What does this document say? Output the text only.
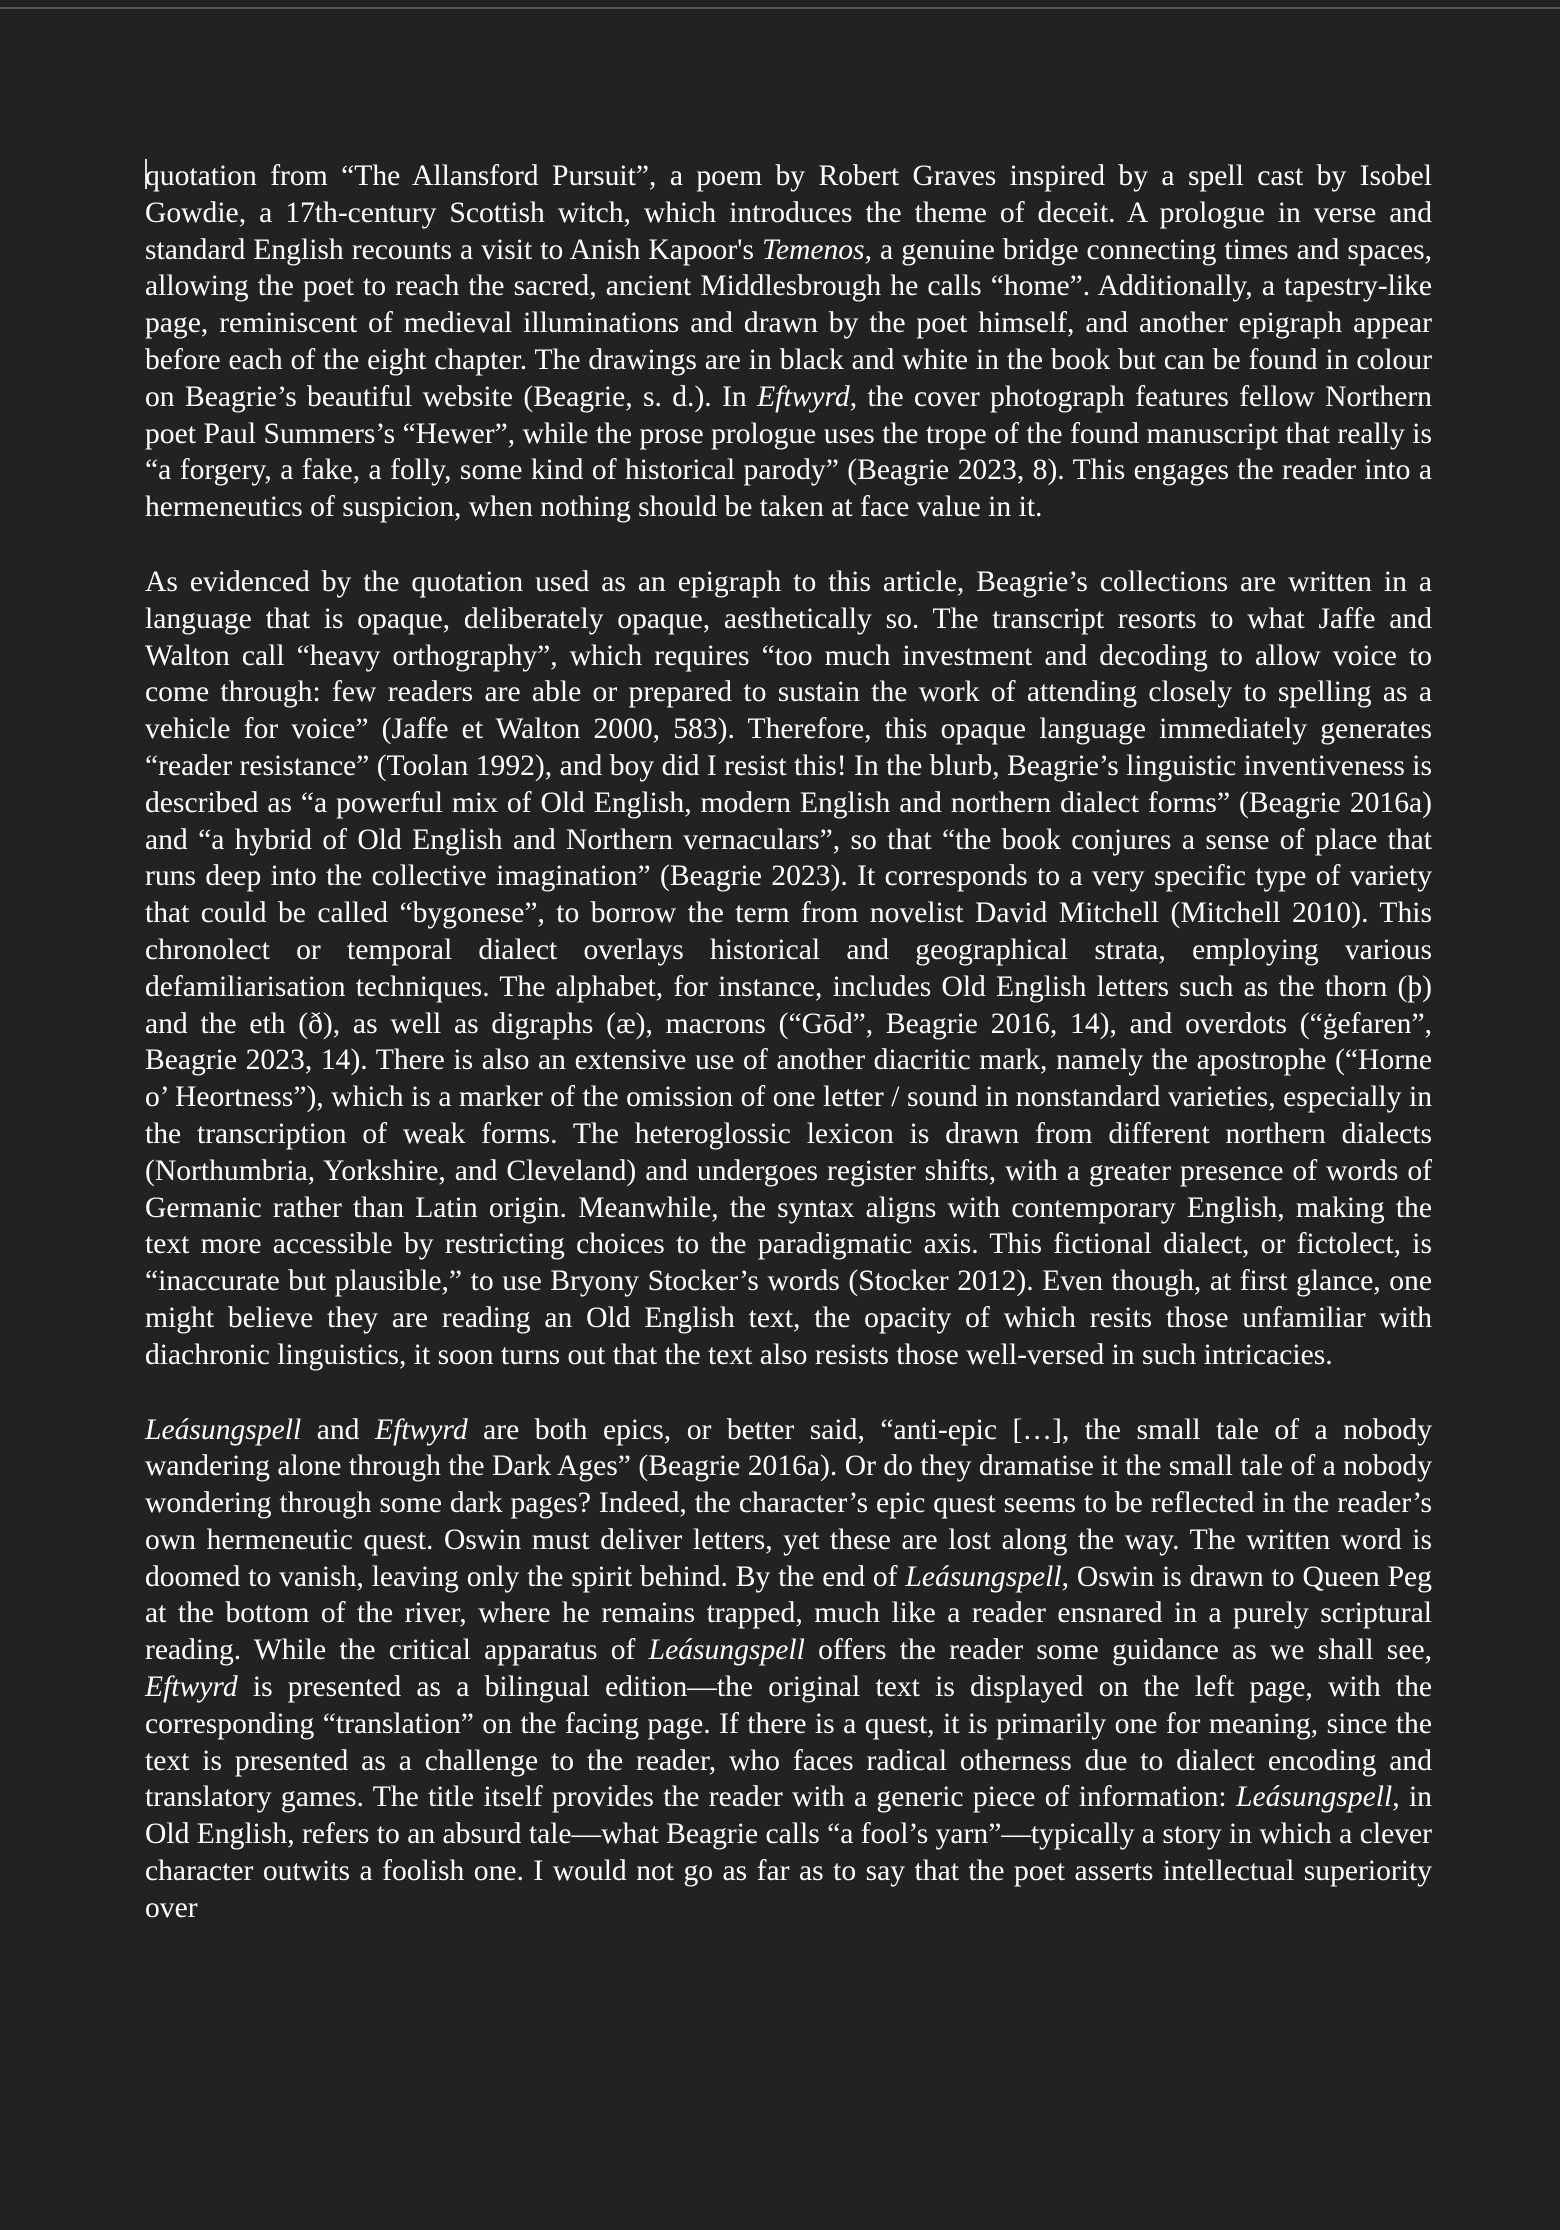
quotation from “The Allansford Pursuit”, a poem by Robert Graves inspired by a spell cast by Isobel Gowdie, a 17th-century Scottish witch, which introduces the theme of deceit. A prologue in verse and standard English recounts a visit to Anish Kapoor's Temenos, a genuine bridge connecting times and spaces, allowing the poet to reach the sacred, ancient Middlesbrough he calls “home”. Additionally, a tapestry-like page, reminiscent of medieval illuminations and drawn by the poet himself, and another epigraph appear before each of the eight chapter. The drawings are in black and white in the book but can be found in colour on Beagrie’s beautiful website (Beagrie, s. d.). In Eftwyrd, the cover photograph features fellow Northern poet Paul Summers’s “Hewer”, while the prose prologue uses the trope of the found manuscript that really is “a forgery, a fake, a folly, some kind of historical parody” (Beagrie 2023, 8). This engages the reader into a hermeneutics of suspicion, when nothing should be taken at face value in it.

As evidenced by the quotation used as an epigraph to this article, Beagrie’s collections are written in a language that is opaque, deliberately opaque, aesthetically so. The transcript resorts to what Jaffe and Walton call “heavy orthography”, which requires “too much investment and decoding to allow voice to come through: few readers are able or prepared to sustain the work of attending closely to spelling as a vehicle for voice” (Jaffe et Walton 2000, 583). Therefore, this opaque language immediately generates “reader resistance” (Toolan 1992), and boy did I resist this! In the blurb, Beagrie’s linguistic inventiveness is described as “a powerful mix of Old English, modern English and northern dialect forms” (Beagrie 2016a) and “a hybrid of Old English and Northern vernaculars”, so that “the book conjures a sense of place that runs deep into the collective imagination” (Beagrie 2023). It corresponds to a very specific type of variety that could be called “bygonese”, to borrow the term from novelist David Mitchell (Mitchell 2010). This chronolect or temporal dialect overlays historical and geographical strata, employing various defamiliarisation techniques. The alphabet, for instance, includes Old English letters such as the thorn (þ) and the eth (ð), as well as digraphs (æ), macrons (“Gōd”, Beagrie 2016, 14), and overdots (“ġefaren”, Beagrie 2023, 14). There is also an extensive use of another diacritic mark, namely the apostrophe (“Horne o’ Heortness”), which is a marker of the omission of one letter / sound in nonstandard varieties, especially in the transcription of weak forms. The heteroglossic lexicon is drawn from different northern dialects (Northumbria, Yorkshire, and Cleveland) and undergoes register shifts, with a greater presence of words of Germanic rather than Latin origin. Meanwhile, the syntax aligns with contemporary English, making the text more accessible by restricting choices to the paradigmatic axis. This fictional dialect, or fictolect, is “inaccurate but plausible,” to use Bryony Stocker’s words (Stocker 2012). Even though, at first glance, one might believe they are reading an Old English text, the opacity of which resits those unfamiliar with diachronic linguistics, it soon turns out that the text also resists those well-versed in such intricacies.

Leásungspell and Eftwyrd are both epics, or better said, “anti-epic […], the small tale of a nobody wandering alone through the Dark Ages” (Beagrie 2016a). Or do they dramatise it the small tale of a nobody wondering through some dark pages? Indeed, the character’s epic quest seems to be reflected in the reader’s own hermeneutic quest. Oswin must deliver letters, yet these are lost along the way. The written word is doomed to vanish, leaving only the spirit behind. By the end of Leásungspell, Oswin is drawn to Queen Peg at the bottom of the river, where he remains trapped, much like a reader ensnared in a purely scriptural reading. While the critical apparatus of Leásungspell offers the reader some guidance as we shall see, Eftwyrd is presented as a bilingual edition—the original text is displayed on the left page, with the corresponding “translation” on the facing page. If there is a quest, it is primarily one for meaning, since the text is presented as a challenge to the reader, who faces radical otherness due to dialect encoding and translatory games. The title itself provides the reader with a generic piece of information: Leásungspell, in Old English, refers to an absurd tale—what Beagrie calls “a fool’s yarn”—typically a story in which a clever character outwits a foolish one. I would not go as far as to say that the poet asserts intellectual superiority over
